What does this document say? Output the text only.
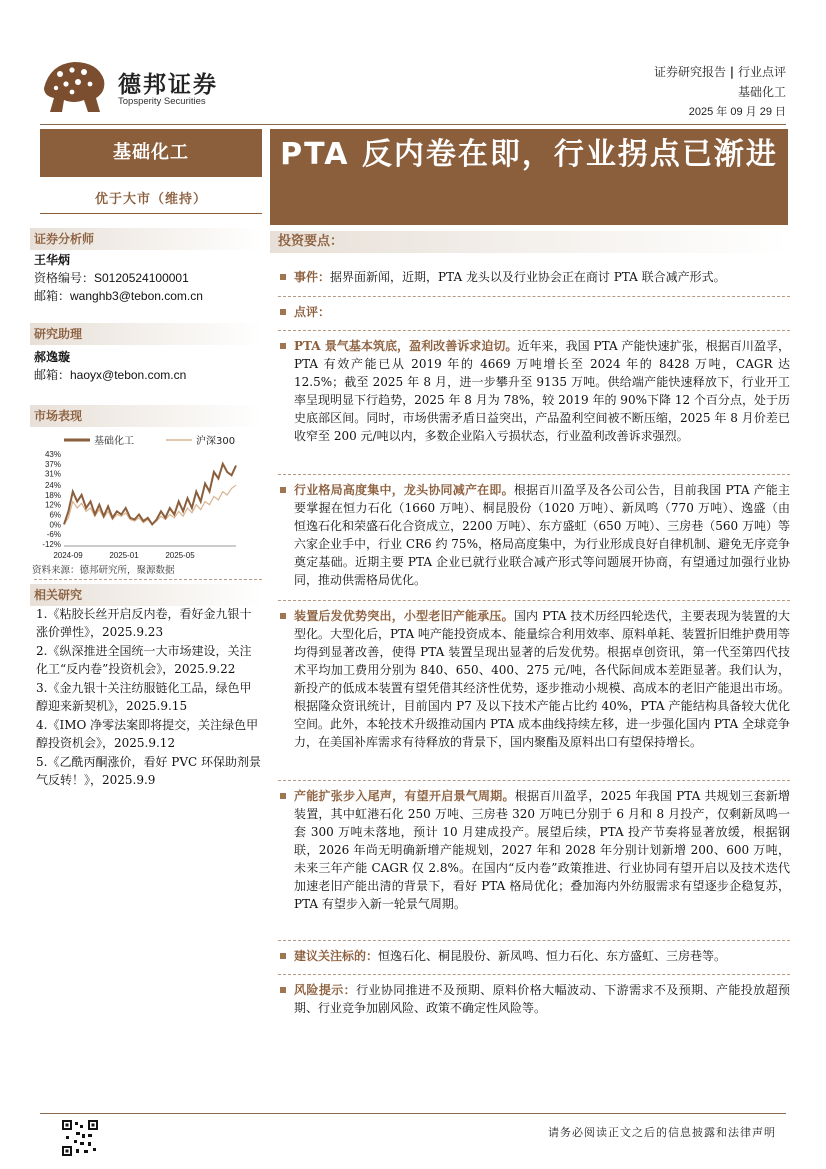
德邦证券
Topsperity Securities
证券研究报告 | 行业点评
基础化工
2025 年 09 月 29 日
基础化工
优于大市（维持）
证券分析师
王华炳
资格编号：S0120524100001
邮箱：wanghb3@tebon.com.cn
研究助理
郝逸璇
邮箱：haoyx@tebon.com.cn
市场表现
基础化工	沪深300
43%
37%
31%
24%
18%
12%
6%
0%
-6%
-12%
2024-09	2025-01	2025-05
资料来源：德邦研究所，聚源数据
相关研究
1.《粘胶长丝开启反内卷，看好金九银十涨价弹性》，2025.9.23
2.《纵深推进全国统一大市场建设，关注化工“反内卷”投资机会》，2025.9.22
3.《金九银十关注纺服链化工品，绿色甲醇迎来新契机》，2025.9.15
4.《IMO 净零法案即将提交，关注绿色甲醇投资机会》，2025.9.12
5.《乙酰丙酮涨价，看好 PVC 环保助剂景气反转！》，2025.9.9
PTA 反内卷在即，行业拐点已渐进
投资要点：
事件：据界面新闻，近期，PTA 龙头以及行业协会正在商讨 PTA 联合减产形式。
点评：
PTA 景气基本筑底，盈利改善诉求迫切。近年来，我国 PTA 产能快速扩张，根据百川盈孚，PTA 有效产能已从 2019 年的 4669 万吨增长至 2024 年的 8428 万吨，CAGR 达 12.5%；截至 2025 年 8 月，进一步攀升至 9135 万吨。供给端产能快速释放下，行业开工率呈现明显下行趋势，2025 年 8 月为 78%，较 2019 年的 90%下降 12 个百分点，处于历史底部区间。同时，市场供需矛盾日益突出，产品盈利空间被不断压缩，2025 年 8 月价差已收窄至 200 元/吨以内，多数企业陷入亏损状态，行业盈利改善诉求强烈。
行业格局高度集中，龙头协同减产在即。根据百川盈孚及各公司公告，目前我国 PTA 产能主要掌握在恒力石化（1660 万吨）、桐昆股份（1020 万吨）、新凤鸣（770 万吨）、逸盛（由恒逸石化和荣盛石化合资成立，2200 万吨）、东方盛虹（650 万吨）、三房巷（560 万吨）等六家企业手中，行业 CR6 约 75%，格局高度集中，为行业形成良好自律机制、避免无序竞争奠定基础。近期主要 PTA 企业已就行业联合减产形式等问题展开协商，有望通过加强行业协同，推动供需格局优化。
装置后发优势突出，小型老旧产能承压。国内 PTA 技术历经四轮迭代，主要表现为装置的大型化。大型化后，PTA 吨产能投资成本、能量综合利用效率、原料单耗、装置折旧维护费用等均得到显著改善，使得 PTA 装置呈现出显著的后发优势。根据卓创资讯，第一代至第四代技术平均加工费用分别为 840、650、400、275 元/吨，各代际间成本差距显著。我们认为，新投产的低成本装置有望凭借其经济性优势，逐步推动小规模、高成本的老旧产能退出市场。根据隆众资讯统计，目前国内 P7 及以下技术产能占比约 40%，PTA 产能结构具备较大优化空间。此外，本轮技术升级推动国内 PTA 成本曲线持续左移，进一步强化国内 PTA 全球竞争力，在美国补库需求有待释放的背景下，国内聚酯及原料出口有望保持增长。
产能扩张步入尾声，有望开启景气周期。根据百川盈孚，2025 年我国 PTA 共规划三套新增装置，其中虹港石化 250 万吨、三房巷 320 万吨已分别于 6 月和 8 月投产，仅剩新凤鸣一套 300 万吨未落地，预计 10 月建成投产。展望后续，PTA 投产节奏将显著放缓，根据钢联，2026 年尚无明确新增产能规划，2027 年和 2028 年分别计划新增 200、600 万吨，未来三年产能 CAGR 仅 2.8%。在国内“反内卷”政策推进、行业协同有望开启以及技术迭代加速老旧产能出清的背景下，看好 PTA 格局优化；叠加海内外纺服需求有望逐步企稳复苏，PTA 有望步入新一轮景气周期。
建议关注标的：恒逸石化、桐昆股份、新凤鸣、恒力石化、东方盛虹、三房巷等。
风险提示：行业协同推进不及预期、原料价格大幅波动、下游需求不及预期、产能投放超预期、行业竞争加剧风险、政策不确定性风险等。
请务必阅读正文之后的信息披露和法律声明
